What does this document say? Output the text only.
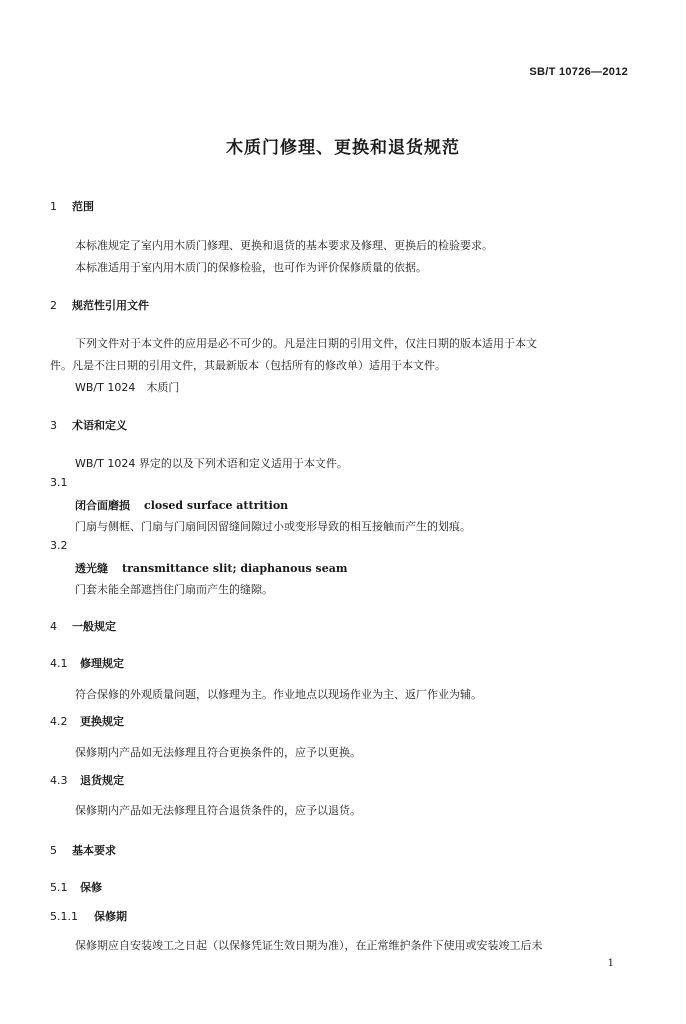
SB/T 10726—2012
木质门修理、更换和退货规范
1 范围
本标准规定了室内用木质门修理、更换和退货的基本要求及修理、更换后的检验要求。
本标准适用于室内用木质门的保修检验，也可作为评价保修质量的依据。
2 规范性引用文件
下列文件对于本文件的应用是必不可少的。凡是注日期的引用文件，仅注日期的版本适用于本文
件。凡是不注日期的引用文件，其最新版本（包括所有的修改单）适用于本文件。
WB/T 1024　木质门
3 术语和定义
WB/T 1024 界定的以及下列术语和定义适用于本文件。
3.1
闭合面磨损 closed surface attrition
门扇与侧框、门扇与门扇间因留缝间隙过小或变形导致的相互接触而产生的划痕。
3.2
透光缝 transmittance slit; diaphanous seam
门套未能全部遮挡住门扇而产生的缝隙。
4 一般规定
4.1 修理规定
符合保修的外观质量问题，以修理为主。作业地点以现场作业为主、返厂作业为辅。
4.2 更换规定
保修期内产品如无法修理且符合更换条件的，应予以更换。
4.3 退货规定
保修期内产品如无法修理且符合退货条件的，应予以退货。
5 基本要求
5.1 保修
5.1.1 保修期
保修期应自安装竣工之日起（以保修凭证生效日期为准），在正常维护条件下使用或安装竣工后未
1
